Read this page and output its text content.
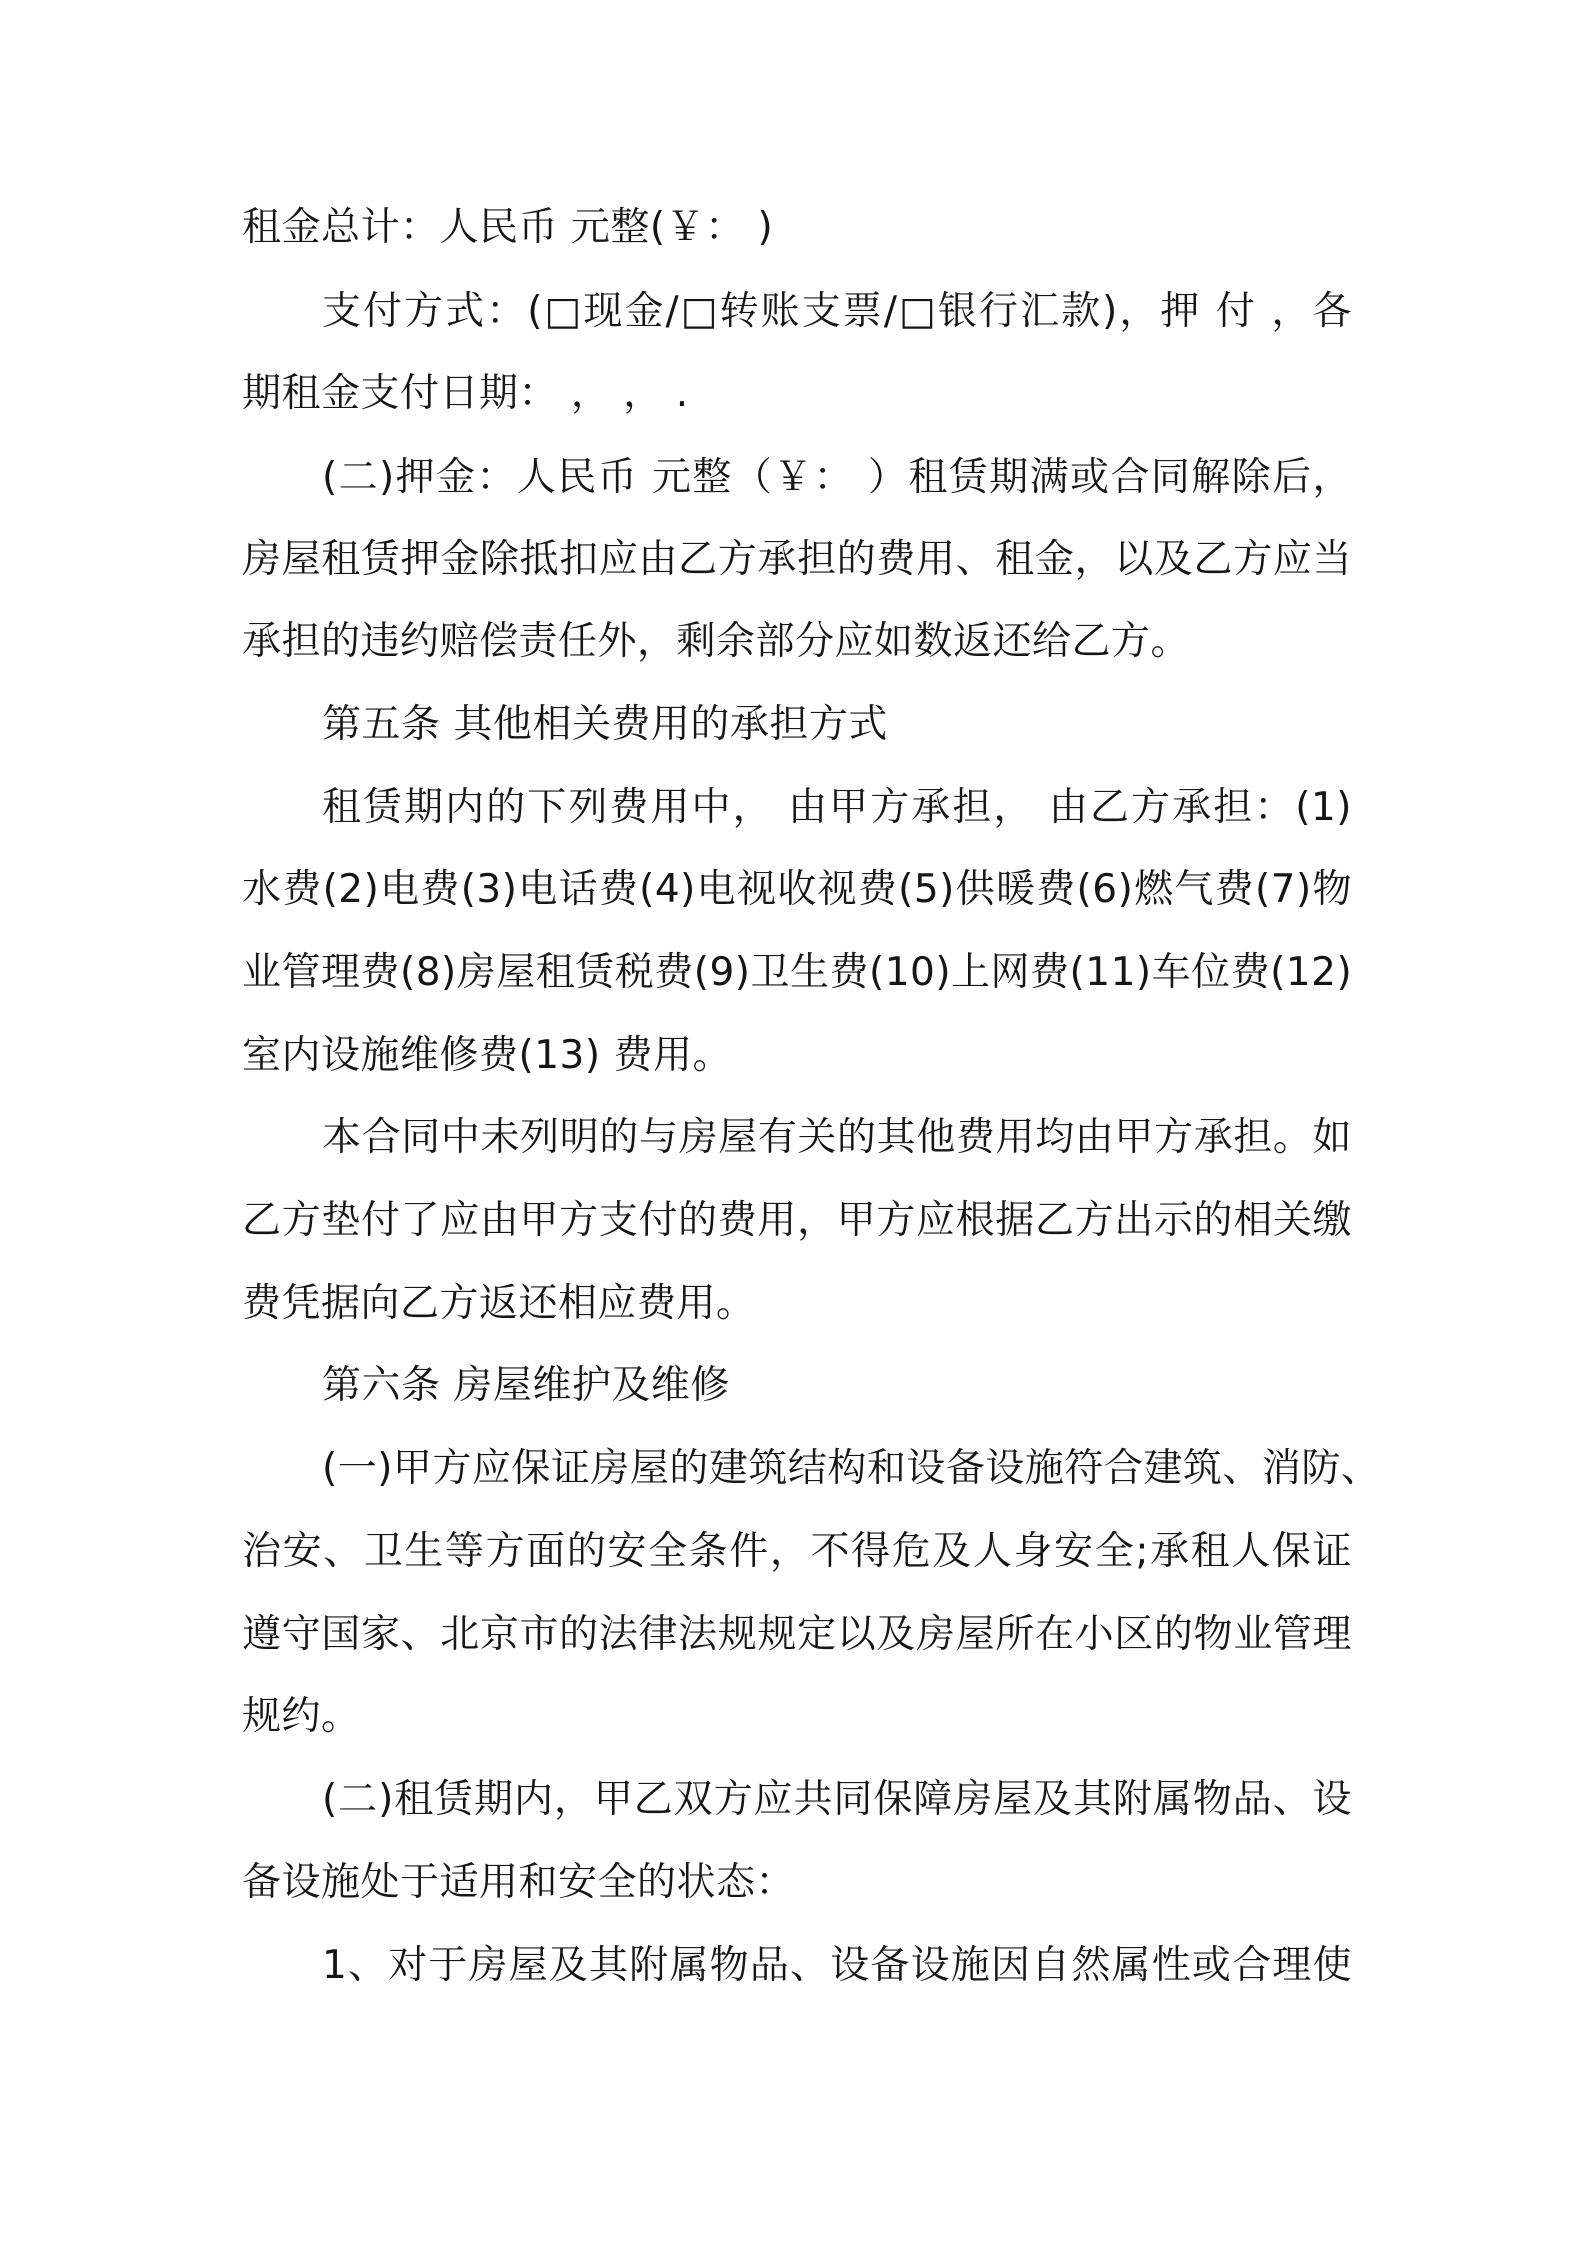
租金总计：人民币 元整(￥： )
支付方式：(□现金/□转账支票/□银行汇款)，押 付 ，各
期租金支付日期： ， ， .
(二)押金：人民币 元整（￥： ）租赁期满或合同解除后，
房屋租赁押金除抵扣应由乙方承担的费用、租金，以及乙方应当
承担的违约赔偿责任外，剩余部分应如数返还给乙方。
第五条 其他相关费用的承担方式
租赁期内的下列费用中， 由甲方承担， 由乙方承担：(1)
水费(2)电费(3)电话费(4)电视收视费(5)供暖费(6)燃气费(7)物
业管理费(8)房屋租赁税费(9)卫生费(10)上网费(11)车位费(12)
室内设施维修费(13) 费用。
本合同中未列明的与房屋有关的其他费用均由甲方承担。如
乙方垫付了应由甲方支付的费用，甲方应根据乙方出示的相关缴
费凭据向乙方返还相应费用。
第六条 房屋维护及维修
(一)甲方应保证房屋的建筑结构和设备设施符合建筑、消防、
治安、卫生等方面的安全条件，不得危及人身安全;承租人保证
遵守国家、北京市的法律法规规定以及房屋所在小区的物业管理
规约。
(二)租赁期内，甲乙双方应共同保障房屋及其附属物品、设
备设施处于适用和安全的状态：
1、对于房屋及其附属物品、设备设施因自然属性或合理使
